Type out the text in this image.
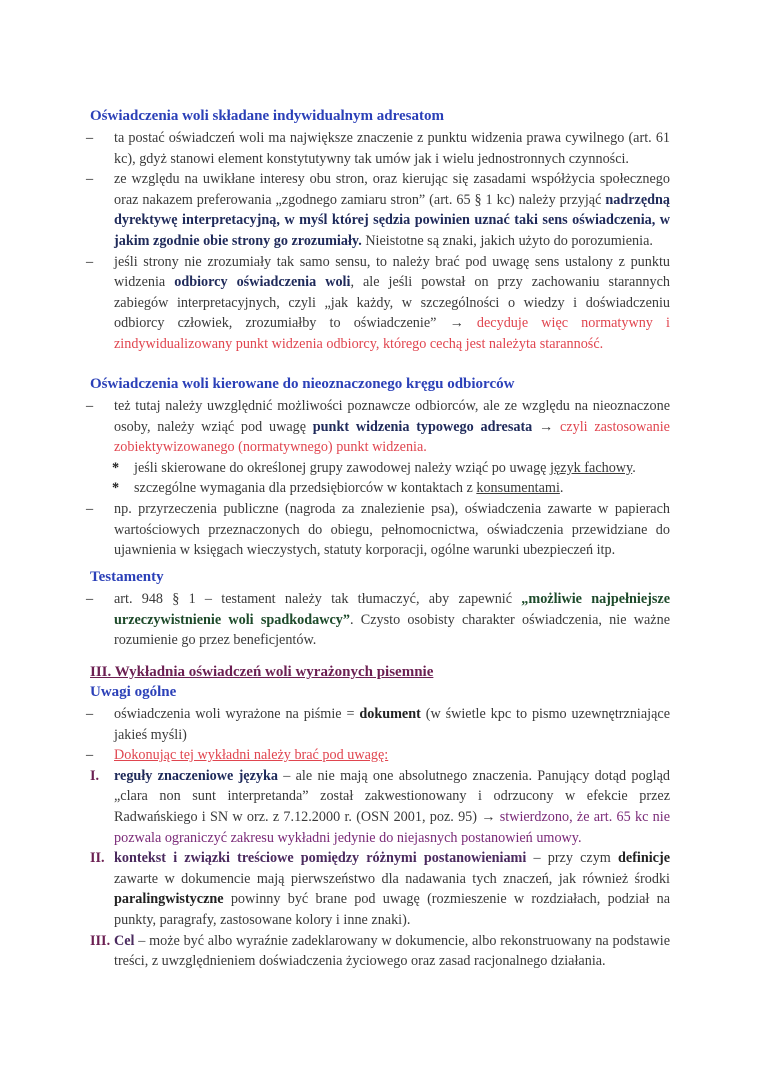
Oświadczenia woli składane indywidualnym adresatom
– ta postać oświadczeń woli ma największe znaczenie z punktu widzenia prawa cywilnego (art. 61 kc), gdyż stanowi element konstytutywny tak umów jak i wielu jednostronnych czynności.
– ze względu na uwikłane interesy obu stron, oraz kierując się zasadami współżycia społecznego oraz nakazem preferowania „zgodnego zamiaru stron” (art. 65 § 1 kc) należy przyjąć nadrzędną dyrektywę interpretacyjną, w myśl której sędzia powinien uznać taki sens oświadczenia, w jakim zgodnie obie strony go zrozumiały. Nieistotne są znaki, jakich użyto do porozumienia.
– jeśli strony nie zrozumiały tak samo sensu, to należy brać pod uwagę sens ustalony z punktu widzenia odbiorcy oświadczenia woli, ale jeśli powstał on przy zachowaniu starannych zabiegów interpretacyjnych, czyli „jak każdy, w szczególności o wiedzy i doświadczeniu odbiorcy człowiek, zrozumiałby to oświadczenie” → decyduje więc normatywny i zindywidualizowany punkt widzenia odbiorcy, którego cechą jest należyta staranność.
Oświadczenia woli kierowane do nieoznaczonego kręgu odbiorców
– też tutaj należy uwzględnić możliwości poznawcze odbiorców, ale ze względu na nieoznaczone osoby, należy wziąć pod uwagę punkt widzenia typowego adresata → czyli zastosowanie zobiektywizowanego (normatywnego) punkt widzenia.
* jeśli skierowane do określonej grupy zawodowej należy wziąć po uwagę język fachowy.
* szczególne wymagania dla przedsiębiorców w kontaktach z konsumentami.
– np. przyrzeczenia publiczne (nagroda za znalezienie psa), oświadczenia zawarte w papierach wartościowych przeznaczonych do obiegu, pełnomocnictwa, oświadczenia przewidziane do ujawnienia w księgach wieczystych, statuty korporacji, ogólne warunki ubezpieczeń itp.
Testamenty
– art. 948 § 1 – testament należy tak tłumaczyć, aby zapewnić „możliwie najpełniejsze urzeczywistnienie woli spadkodawcy”. Czysto osobisty charakter oświadczenia, nie ważne rozumienie go przez beneficjentów.
III. Wykładnia oświadczeń woli wyrażonych pisemnie
Uwagi ogólne
– oświadczenia woli wyrażone na piśmie = dokument (w świetle kpc to pismo uzewnętrzniające jakieś myśli)
– Dokonując tej wykładni należy brać pod uwagę:
I. reguły znaczeniowe języka – ale nie mają one absolutnego znaczenia. Panujący dotąd pogląd „clara non sunt interpretanda” został zakwestionowany i odrzucony w efekcie przez Radwańskiego i SN w orz. z 7.12.2000 r. (OSN 2001, poz. 95) → stwierdzono, że art. 65 kc nie pozwala ograniczyć zakresu wykładni jedynie do niejasnych postanowień umowy.
II. kontekst i związki treściowe pomiędzy różnymi postanowieniami – przy czym definicje zawarte w dokumencie mają pierwszeństwo dla nadawania tych znaczeń, jak również środki paralingwistyczne powinny być brane pod uwagę (rozmieszenie w rozdziałach, podział na punkty, paragrafy, zastosowane kolory i inne znaki).
III. Cel – może być albo wyraźnie zadeklarowany w dokumencie, albo rekonstruowany na podstawie treści, z uwzględnieniem doświadczenia życiowego oraz zasad racjonalnego działania.
